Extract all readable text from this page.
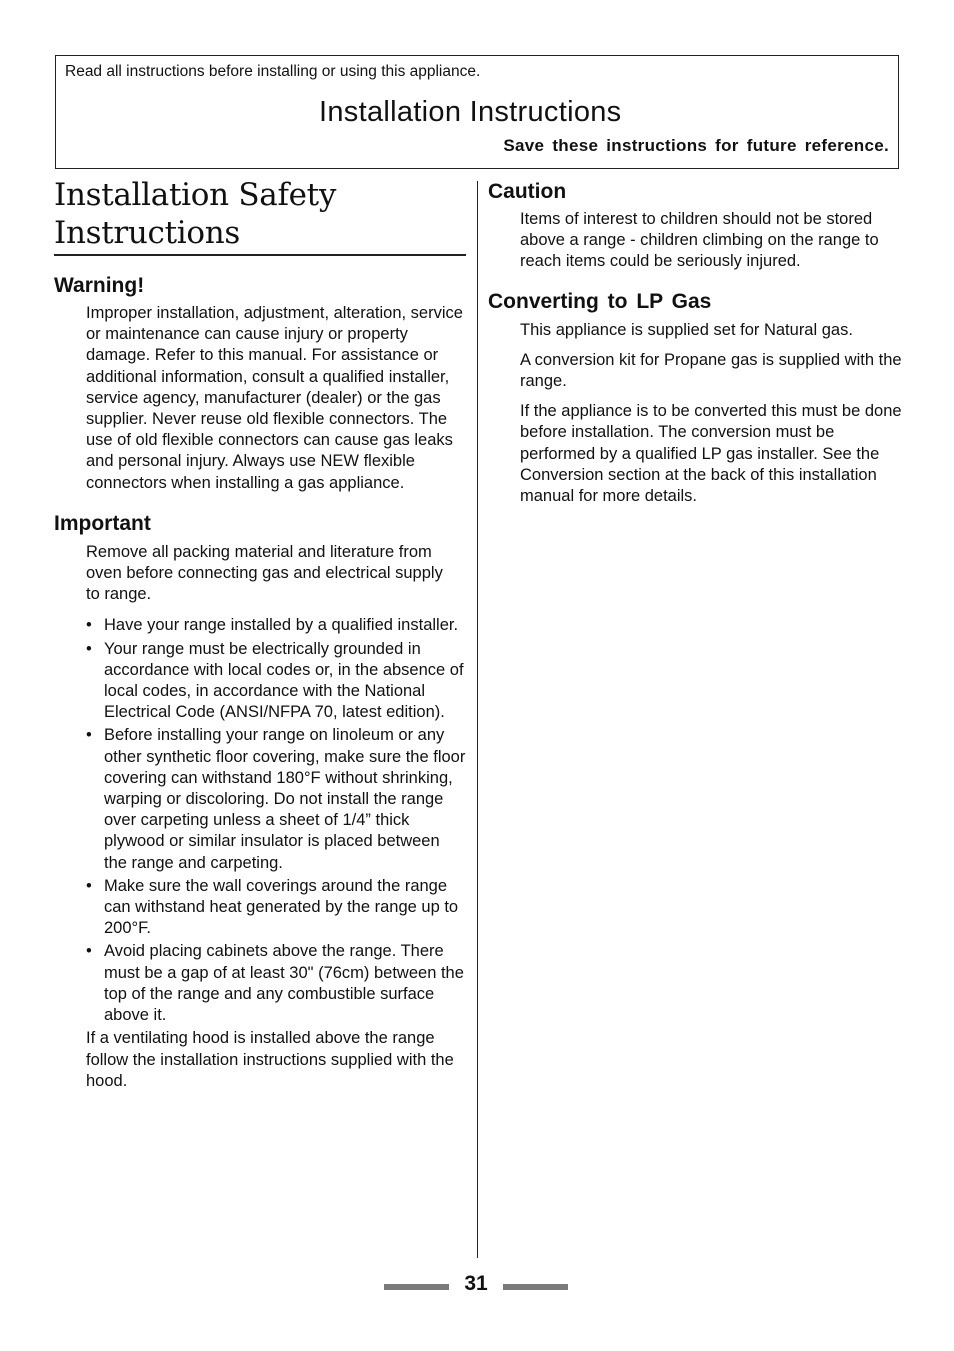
Read all instructions before installing or using this appliance.
Installation Instructions
Save these instructions for future reference.
Installation Safety Instructions
Warning!

Improper installation, adjustment, alteration, service or maintenance can cause injury or property damage. Refer to this manual. For assistance or additional information, consult a qualified installer, service agency, manufacturer (dealer) or the gas supplier. Never reuse old flexible connectors. The use of old flexible connectors can cause gas leaks and personal injury. Always use NEW flexible connectors when installing a gas appliance.

Important

Remove all packing material and literature from oven before connecting gas and electrical supply to range.

• Have your range installed by a qualified installer.
• Your range must be electrically grounded in accordance with local codes or, in the absence of local codes, in accordance with the National Electrical Code (ANSI/NFPA 70, latest edition).
• Before installing your range on linoleum or any other synthetic floor covering, make sure the floor covering can withstand 180°F without shrinking, warping or discoloring. Do not install the range over carpeting unless a sheet of 1/4” thick plywood or similar insulator is placed between the range and carpeting.
• Make sure the wall coverings around the range can withstand heat generated by the range up to 200°F.
• Avoid placing cabinets above the range. There must be a gap of at least 30" (76cm) between the top of the range and any combustible surface above it.

If a ventilating hood is installed above the range follow the installation instructions supplied with the hood.

Caution

Items of interest to children should not be stored above a range - children climbing on the range to reach items could be seriously injured.

Converting to LP Gas

This appliance is supplied set for Natural gas.

A conversion kit for Propane gas is supplied with the range.

If the appliance is to be converted this must be done before installation. The conversion must be performed by a qualified LP gas installer. See the Conversion section at the back of this installation manual for more details.

31
